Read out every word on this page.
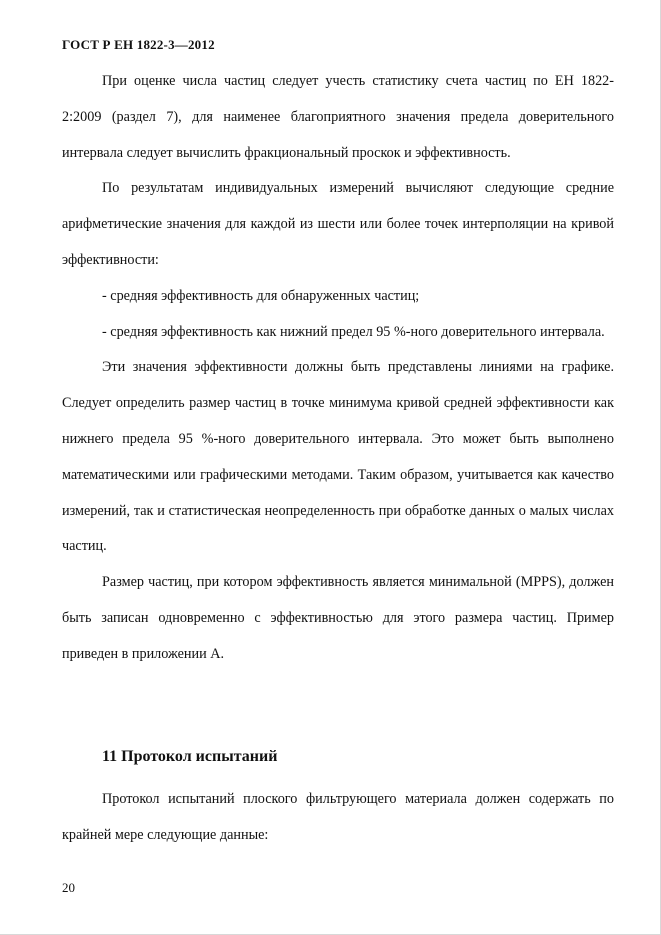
ГОСТ Р ЕН 1822-3—2012

При оценке числа частиц следует учесть статистику счета частиц по ЕН 1822-2:2009 (раздел 7), для наименее благоприятного значения предела доверительного интервала следует вычислить фракциональный проскок и эффективность.

По результатам индивидуальных измерений вычисляют следующие средние арифметические значения для каждой из шести или более точек интерполяции на кривой эффективности:

- средняя эффективность для обнаруженных частиц;

- средняя эффективность как нижний предел 95 %-ного доверительного интервала.

Эти значения эффективности должны быть представлены линиями на графике. Следует определить размер частиц в точке минимума кривой средней эффективности как нижнего предела 95 %-ного доверительного интервала. Это может быть выполнено математическими или графическими методами. Таким образом, учитывается как качество измерений, так и статистическая неопределенность при обработке данных о малых числах частиц.

Размер частиц, при котором эффективность является минимальной (MPPS), должен быть записан одновременно с эффективностью для этого размера частиц. Пример приведен в приложении А.

11 Протокол испытаний

Протокол испытаний плоского фильтрующего материала должен содержать по крайней мере следующие данные:

20
